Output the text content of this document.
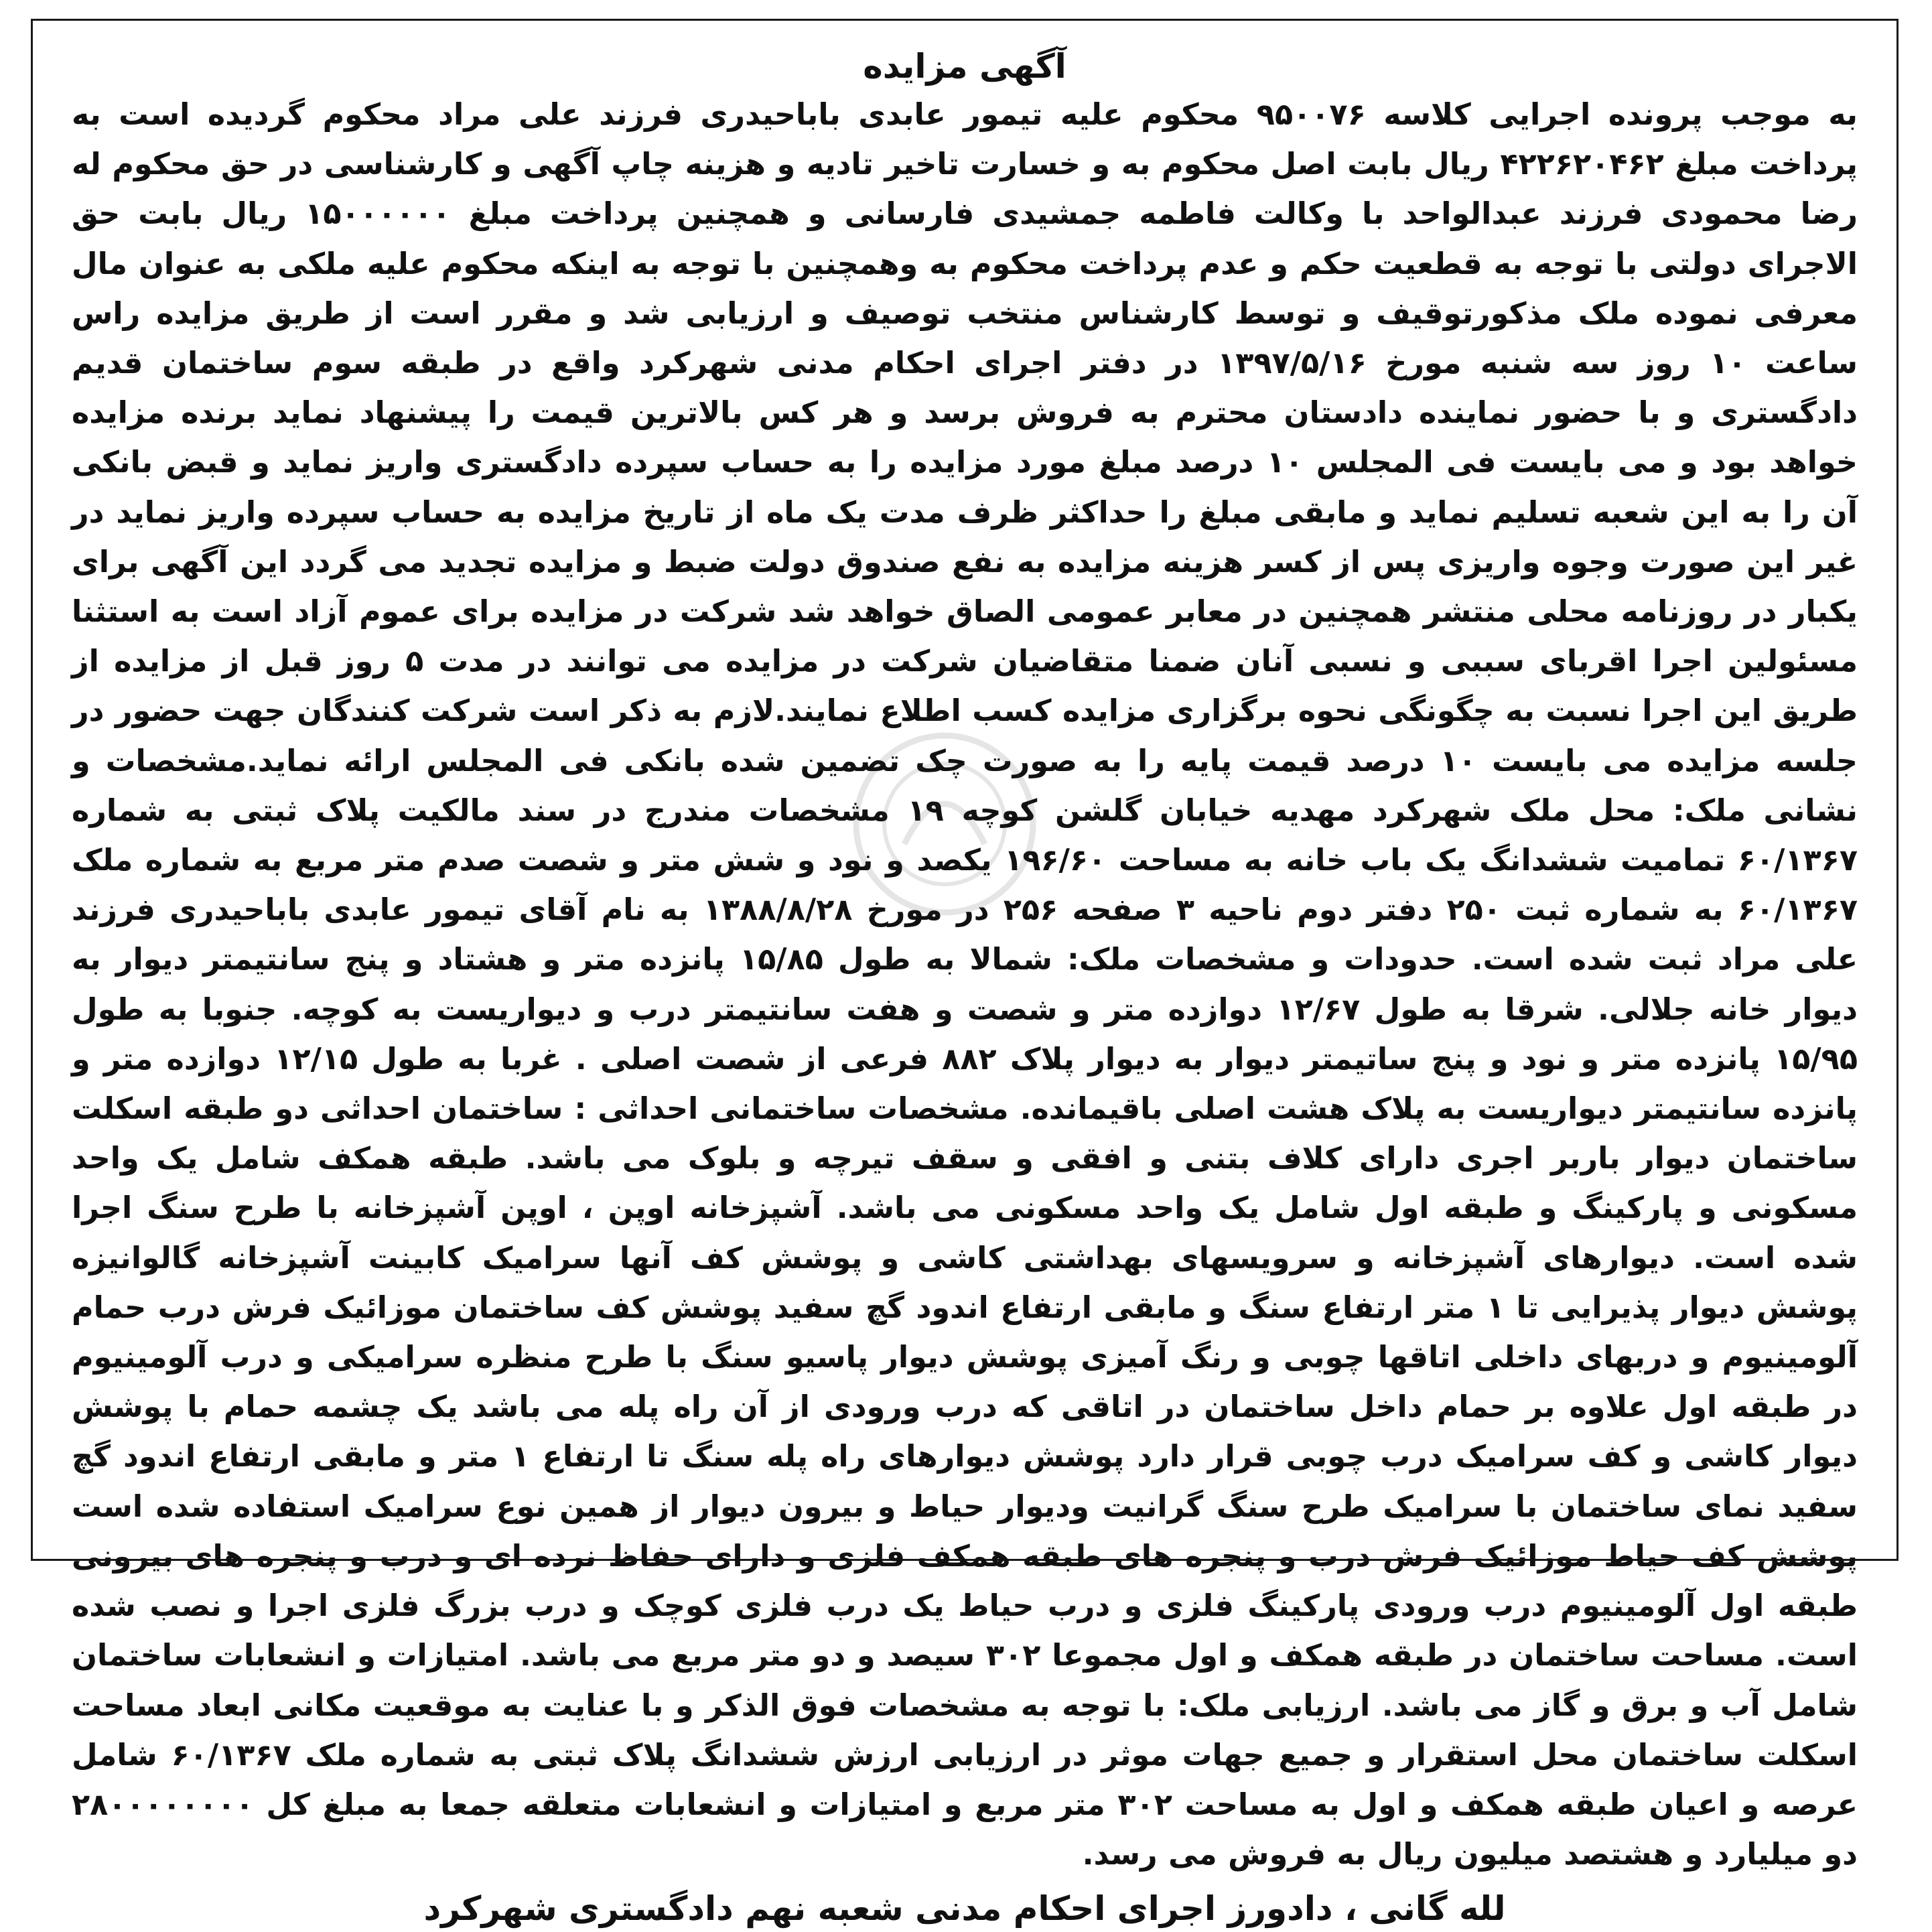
آگهی مزایده
به موجب پرونده اجرایی کلاسه ۹۵۰۰۷۶ محکوم علیه تیمور عابدی باباحیدری فرزند علی مراد محکوم گردیده است به پرداخت مبلغ ۴۲۲۶۲۰۴۶۲ ریال بابت اصل محکوم به و خسارت تاخیر تادیه و هزینه چاپ آگهی و کارشناسی در حق محکوم له رضا محمودی فرزند عبدالواحد با وکالت فاطمه جمشیدی فارسانی و همچنین پرداخت مبلغ ۱۵۰۰۰۰۰۰ ریال بابت حق الاجرای دولتی با توجه به قطعیت حکم و عدم پرداخت محکوم به وهمچنین با توجه به اینکه محکوم علیه ملکی به عنوان مال معرفی نموده ملک مذکورتوقیف و توسط کارشناس منتخب توصیف و ارزیابی شد و مقرر است از طریق مزایده راس ساعت ۱۰ روز سه شنبه مورخ ۱۳۹۷/۵/۱۶ در دفتر اجرای احکام مدنی شهرکرد واقع در طبقه سوم ساختمان قدیم دادگستری و با حضور نماینده دادستان محترم به فروش برسد و هر کس بالاترین قیمت را پیشنهاد نماید برنده مزایده خواهد بود و می بایست فی المجلس ۱۰ درصد مبلغ مورد مزایده را به حساب سپرده دادگستری واریز نماید و قبض بانکی آن را به این شعبه تسلیم نماید و مابقی مبلغ را حداکثر ظرف مدت یک ماه از تاریخ مزایده به حساب سپرده واریز نماید در غیر این صورت وجوه واریزی پس از کسر هزینه مزایده به نفع صندوق دولت ضبط و مزایده تجدید می گردد این آگهی برای یکبار در روزنامه محلی منتشر همچنین در معابر عمومی الصاق خواهد شد شرکت در مزایده برای عموم آزاد است به استثنا مسئولین اجرا اقربای سببی و نسبی آنان ضمنا متقاضیان شرکت در مزایده می توانند در مدت ۵ روز قبل از مزایده از طریق این اجرا نسبت به چگونگی نحوه برگزاری مزایده کسب اطلاع نمایند.لازم به ذکر است شرکت کنندگان جهت حضور در جلسه مزایده می بایست ۱۰ درصد قیمت پایه را به صورت چک تضمین شده بانکی فی المجلس ارائه نماید.مشخصات و نشانی ملک: محل ملک شهرکرد مهدیه خیابان گلشن کوچه ۱۹ مشخصات مندرج در سند مالکیت پلاک ثبتی به شماره ۶۰/۱۳۶۷ تمامیت ششدانگ یک باب خانه به مساحت ۱۹۶/۶۰ یکصد و نود و شش متر و شصت صدم متر مربع به شماره ملک ۶۰/۱۳۶۷ به شماره ثبت ۲۵۰ دفتر دوم ناحیه ۳ صفحه ۲۵۶ در مورخ ۱۳۸۸/۸/۲۸ به نام آقای تیمور عابدی باباحیدری فرزند علی مراد ثبت شده است. حدودات و مشخصات ملک: شمالا به طول ۱۵/۸۵ پانزده متر و هشتاد و پنج سانتیمتر دیوار به دیوار خانه جلالی. شرقا به طول ۱۲/۶۷ دوازده متر و شصت و هفت سانتیمتر درب و دیواریست به کوچه. جنوبا به طول ۱۵/۹۵ پانزده متر و نود و پنج ساتیمتر دیوار به دیوار پلاک ۸۸۲ فرعی از شصت اصلی . غربا به طول ۱۲/۱۵ دوازده متر و پانزده سانتیمتر دیواریست به پلاک هشت اصلی باقیمانده. مشخصات ساختمانی احداثی : ساختمان احداثی دو طبقه اسکلت ساختمان دیوار باربر اجری دارای کلاف بتنی و افقی و سقف تیرچه و بلوک می باشد. طبقه همکف شامل یک واحد مسکونی و پارکینگ و طبقه اول شامل یک واحد مسکونی می باشد. آشپزخانه اوپن ، اوپن آشپزخانه با طرح سنگ اجرا شده است. دیوارهای آشپزخانه و سرویسهای بهداشتی کاشی و پوشش کف آنها سرامیک کابینت آشپزخانه گالوانیزه پوشش دیوار پذیرایی تا ۱ متر ارتفاع سنگ و مابقی ارتفاع اندود گچ سفید پوشش کف ساختمان موزائیک فرش درب حمام آلومینیوم و دربهای داخلی اتاقها چوبی و رنگ آمیزی پوشش دیوار پاسیو سنگ با طرح منظره سرامیکی و درب آلومینیوم در طبقه اول علاوه بر حمام داخل ساختمان در اتاقی که درب ورودی از آن راه پله می باشد یک چشمه حمام با پوشش دیوار کاشی و کف سرامیک درب چوبی قرار دارد پوشش دیوارهای راه پله سنگ تا ارتفاع ۱ متر و مابقی ارتفاع اندود گچ سفید نمای ساختمان با سرامیک طرح سنگ گرانیت ودیوار حیاط و بیرون دیوار از همین نوع سرامیک استفاده شده است پوشش کف حیاط موزائیک فرش درب و پنجره های طبقه همکف فلزی و دارای حفاظ نرده ای و درب و پنجره های بیرونی طبقه اول آلومینیوم درب ورودی پارکینگ فلزی و درب حیاط یک درب فلزی کوچک و درب بزرگ فلزی اجرا و نصب شده است. مساحت ساختمان در طبقه همکف و اول مجموعا ۳۰۲ سیصد و دو متر مربع می باشد. امتیازات و انشعابات ساختمان شامل آب و برق و گاز می باشد. ارزیابی ملک: با توجه به مشخصات فوق الذکر و با عنایت به موقعیت مکانی ابعاد مساحت اسکلت ساختمان محل استقرار و جمیع جهات موثر در ارزیابی ارزش ششدانگ پلاک ثبتی به شماره ملک ۶۰/۱۳۶۷ شامل عرصه و اعیان طبقه همکف و اول به مساحت ۳۰۲ متر مربع و امتیازات و انشعابات متعلقه جمعا به مبلغ کل ۲۸۰۰۰۰۰۰۰۰ دو میلیارد و هشتصد میلیون ریال به فروش می رسد.
لله گانی ، دادورز اجرای احکام مدنی شعبه نهم دادگستری شهرکرد
